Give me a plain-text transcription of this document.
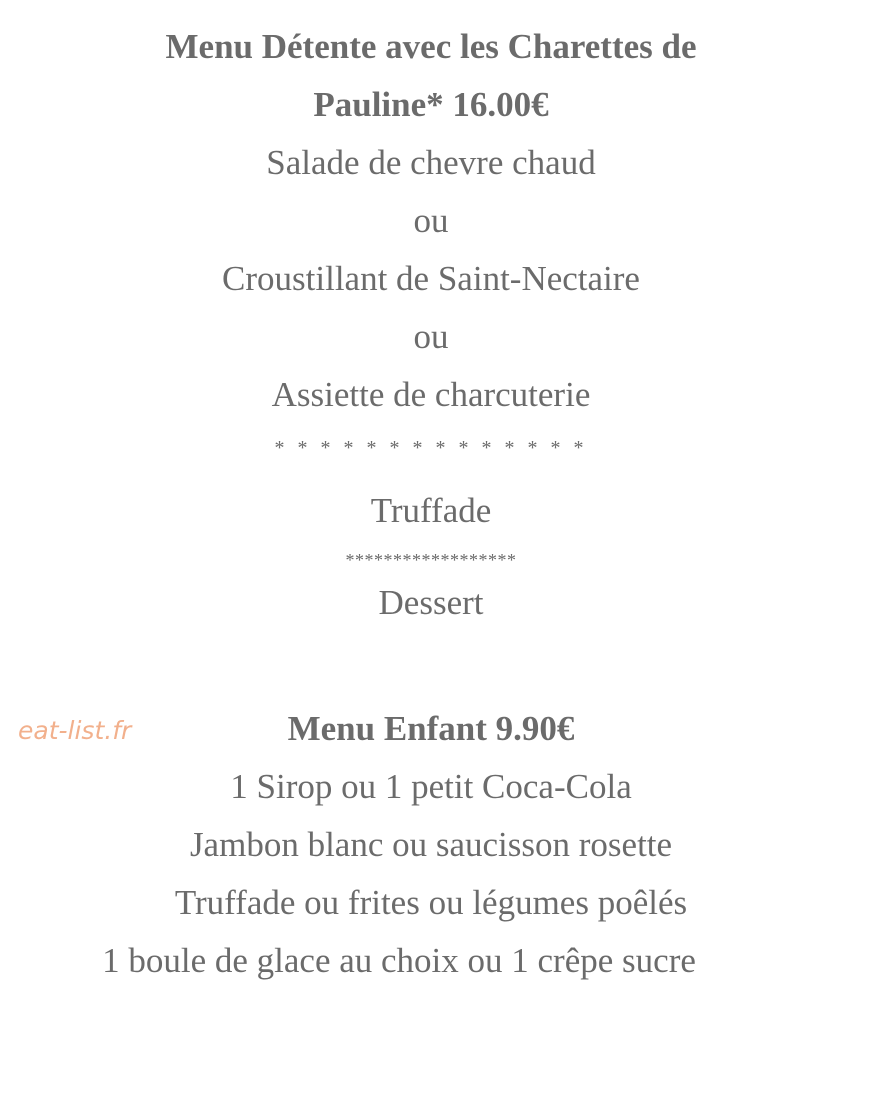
Menu Détente avec les Charettes de
Pauline* 16.00€
Salade de chevre chaud
ou
Croustillant de Saint-Nectaire
ou
Assiette de charcuterie
* * * * * * * * * * * * * *
Truffade
******************
Dessert
eat-list.fr	Menu Enfant 9.90€
1 Sirop ou 1 petit Coca-Cola
Jambon blanc ou saucisson rosette
Truffade ou frites ou légumes poêlés
1 boule de glace au choix ou 1 crêpe sucre
